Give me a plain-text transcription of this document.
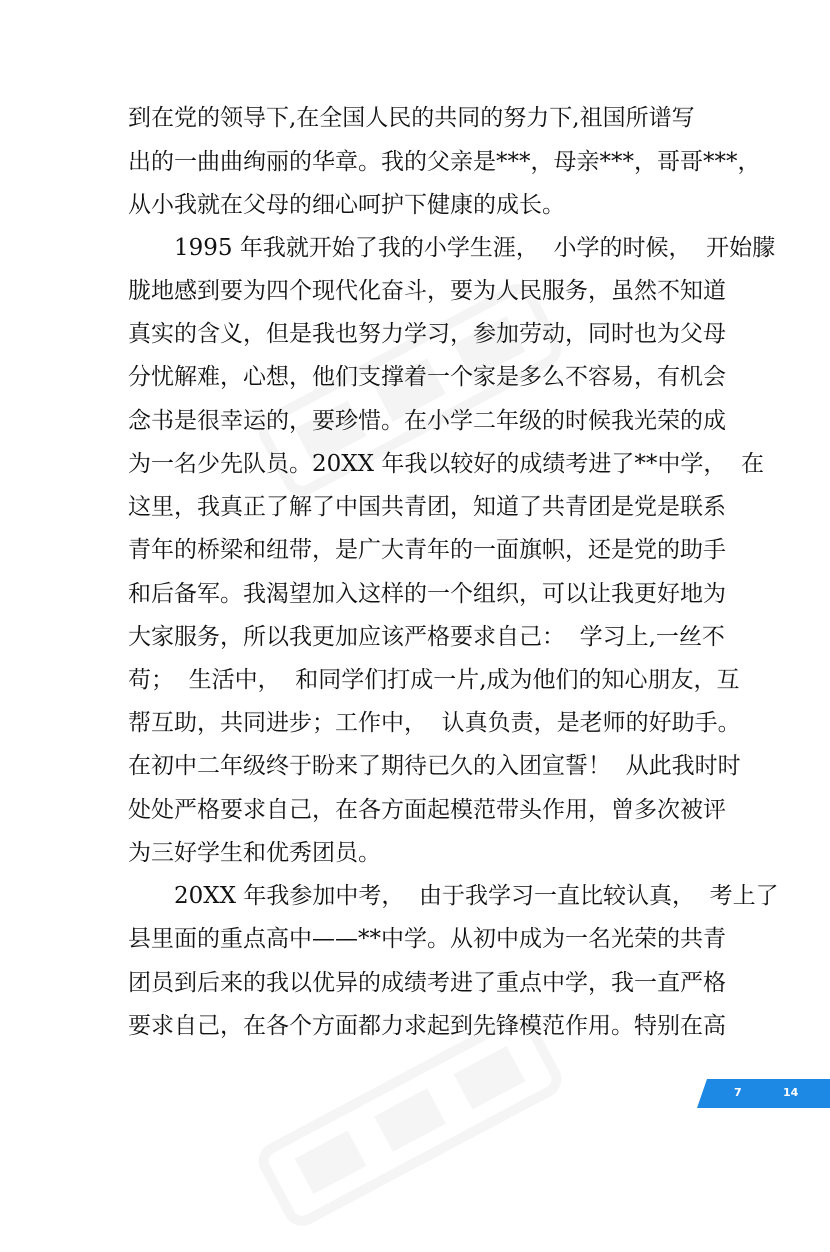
到在党的领导下,在全国人民的共同的努力下,祖国所谱写
出的一曲曲绚丽的华章。我的父亲是***，母亲***，哥哥***，
从小我就在父母的细心呵护下健康的成长。
1995 年我就开始了我的小学生涯，  小学的时候，  开始朦
胧地感到要为四个现代化奋斗，要为人民服务，虽然不知道
真实的含义，但是我也努力学习，参加劳动，同时也为父母
分忧解难，心想，他们支撑着一个家是多么不容易，有机会
念书是很幸运的，要珍惜。在小学二年级的时候我光荣的成
为一名少先队员。20XX 年我以较好的成绩考进了**中学，  在
这里，我真正了解了中国共青团，知道了共青团是党是联系
青年的桥梁和纽带，是广大青年的一面旗帜，还是党的助手
和后备军。我渴望加入这样的一个组织，可以让我更好地为
大家服务，所以我更加应该严格要求自己：  学习上,一丝不
苟；  生活中，  和同学们打成一片,成为他们的知心朋友，互
帮互助，共同进步；工作中，  认真负责，是老师的好助手。
在初中二年级终于盼来了期待已久的入团宣誓！  从此我时时
处处严格要求自己，在各方面起模范带头作用，曾多次被评
为三好学生和优秀团员。
20XX 年我参加中考，  由于我学习一直比较认真，  考上了
县里面的重点高中——**中学。从初中成为一名光荣的共青
团员到后来的我以优异的成绩考进了重点中学，我一直严格
要求自己，在各个方面都力求起到先锋模范作用。特别在高
7	14
